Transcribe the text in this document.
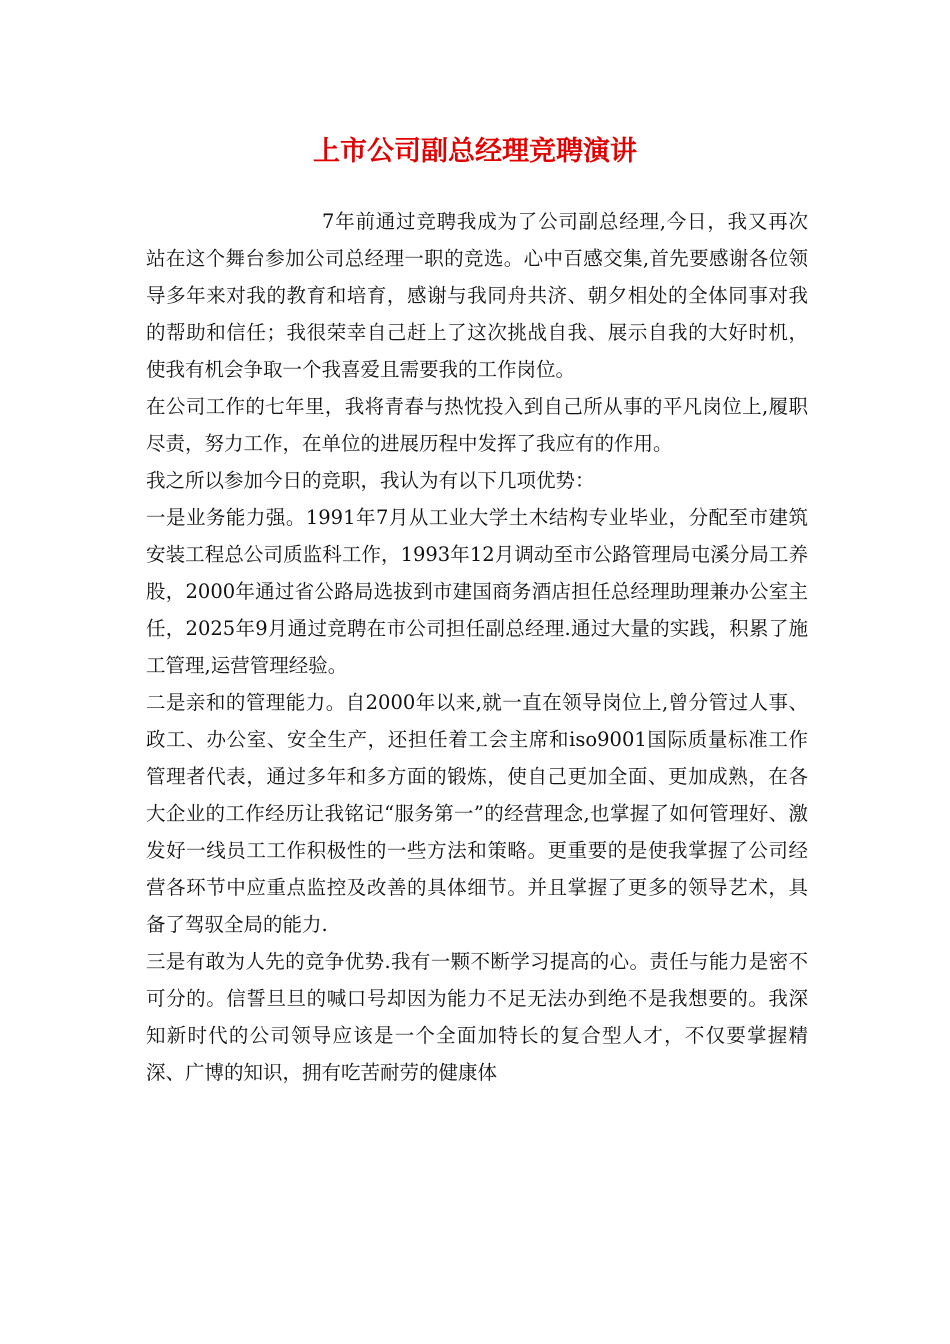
上市公司副总经理竞聘演讲

7年前通过竞聘我成为了公司副总经理,今日，我又再次站在这个舞台参加公司总经理一职的竞选。心中百感交集,首先要感谢各位领导多年来对我的教育和培育，感谢与我同舟共济、朝夕相处的全体同事对我的帮助和信任；我很荣幸自己赶上了这次挑战自我、展示自我的大好时机，使我有机会争取一个我喜爱且需要我的工作岗位。

在公司工作的七年里，我将青春与热忱投入到自己所从事的平凡岗位上,履职尽责，努力工作，在单位的进展历程中发挥了我应有的作用。

我之所以参加今日的竞职，我认为有以下几项优势：

一是业务能力强。1991年7月从工业大学土木结构专业毕业，分配至市建筑安装工程总公司质监科工作，1993年12月调动至市公路管理局屯溪分局工养股，2000年通过省公路局选拔到市建国商务酒店担任总经理助理兼办公室主任，2025年9月通过竞聘在市公司担任副总经理.通过大量的实践，积累了施工管理,运营管理经验。

二是亲和的管理能力。自2000年以来,就一直在领导岗位上,曾分管过人事、政工、办公室、安全生产，还担任着工会主席和iso9001国际质量标准工作管理者代表，通过多年和多方面的锻炼，使自己更加全面、更加成熟，在各大企业的工作经历让我铭记“服务第一”的经营理念,也掌握了如何管理好、激发好一线员工工作积极性的一些方法和策略。更重要的是使我掌握了公司经营各环节中应重点监控及改善的具体细节。并且掌握了更多的领导艺术，具备了驾驭全局的能力.

三是有敢为人先的竞争优势.我有一颗不断学习提高的心。责任与能力是密不可分的。信誓旦旦的喊口号却因为能力不足无法办到绝不是我想要的。我深知新时代的公司领导应该是一个全面加特长的复合型人才，不仅要掌握精深、广博的知识，拥有吃苦耐劳的健康体
